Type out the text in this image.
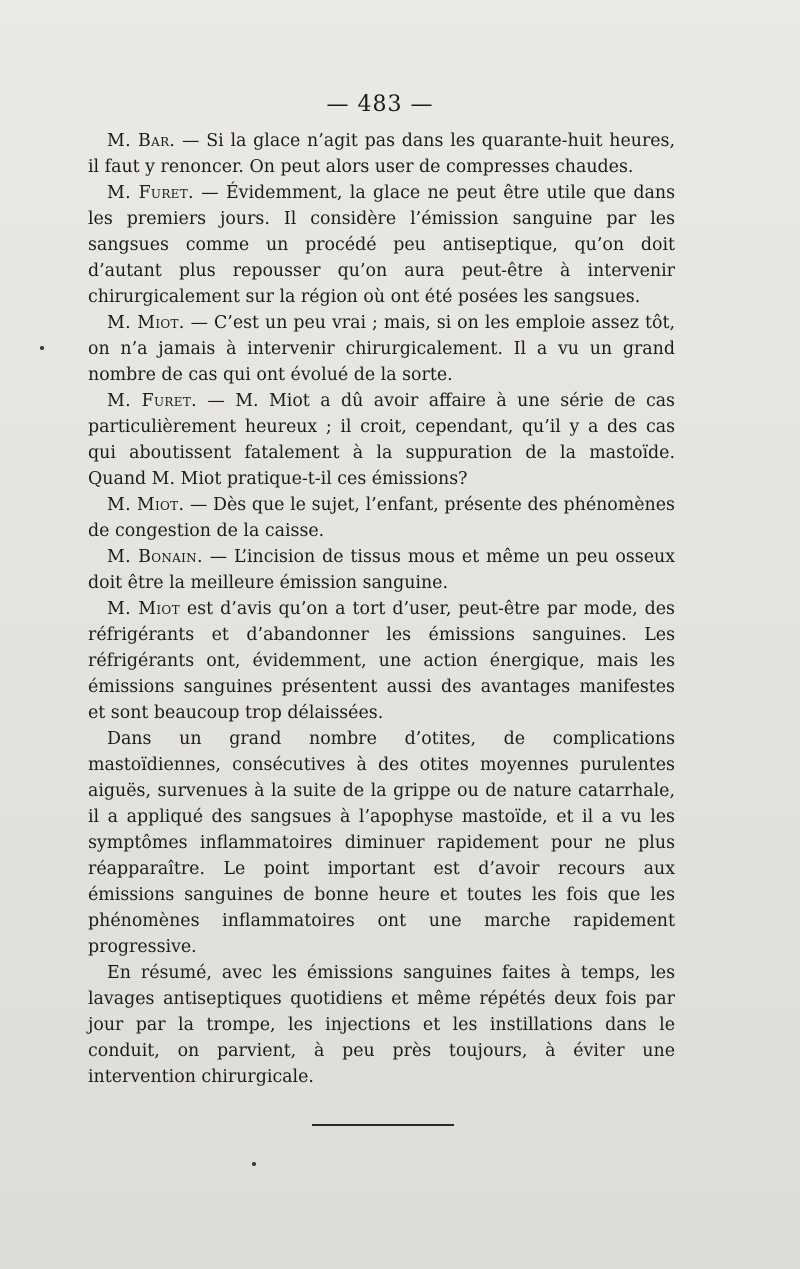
— 483 —

M. Bar. — Si la glace n’agit pas dans les quarante-huit heures, il faut y renoncer. On peut alors user de compresses chaudes.

M. Furet. — Évidemment, la glace ne peut être utile que dans les premiers jours. Il considère l’émission sanguine par les sangsues comme un procédé peu antiseptique, qu’on doit d’autant plus repousser qu’on aura peut-être à intervenir chirurgicalement sur la région où ont été posées les sangsues.

M. Miot. — C’est un peu vrai ; mais, si on les emploie assez tôt, on n’a jamais à intervenir chirurgicalement. Il a vu un grand nombre de cas qui ont évolué de la sorte.

M. Furet. — M. Miot a dû avoir affaire à une série de cas particulièrement heureux ; il croit, cependant, qu’il y a des cas qui aboutissent fatalement à la suppuration de la mastoïde. Quand M. Miot pratique-t-il ces émissions?

M. Miot. — Dès que le sujet, l’enfant, présente des phénomènes de congestion de la caisse.

M. Bonain. — L’incision de tissus mous et même un peu osseux doit être la meilleure émission sanguine.

M. Miot est d’avis qu’on a tort d’user, peut-être par mode, des réfrigérants et d’abandonner les émissions sanguines. Les réfrigérants ont, évidemment, une action énergique, mais les émissions sanguines présentent aussi des avantages manifestes et sont beaucoup trop délaissées.

Dans un grand nombre d’otites, de complications mastoïdiennes, consécutives à des otites moyennes purulentes aiguës, survenues à la suite de la grippe ou de nature catarrhale, il a appliqué des sangsues à l’apophyse mastoïde, et il a vu les symptômes inflammatoires diminuer rapidement pour ne plus réapparaître. Le point important est d’avoir recours aux émissions sanguines de bonne heure et toutes les fois que les phénomènes inflammatoires ont une marche rapidement progressive.

En résumé, avec les émissions sanguines faites à temps, les lavages antiseptiques quotidiens et même répétés deux fois par jour par la trompe, les injections et les instillations dans le conduit, on parvient, à peu près toujours, à éviter une intervention chirurgicale.
